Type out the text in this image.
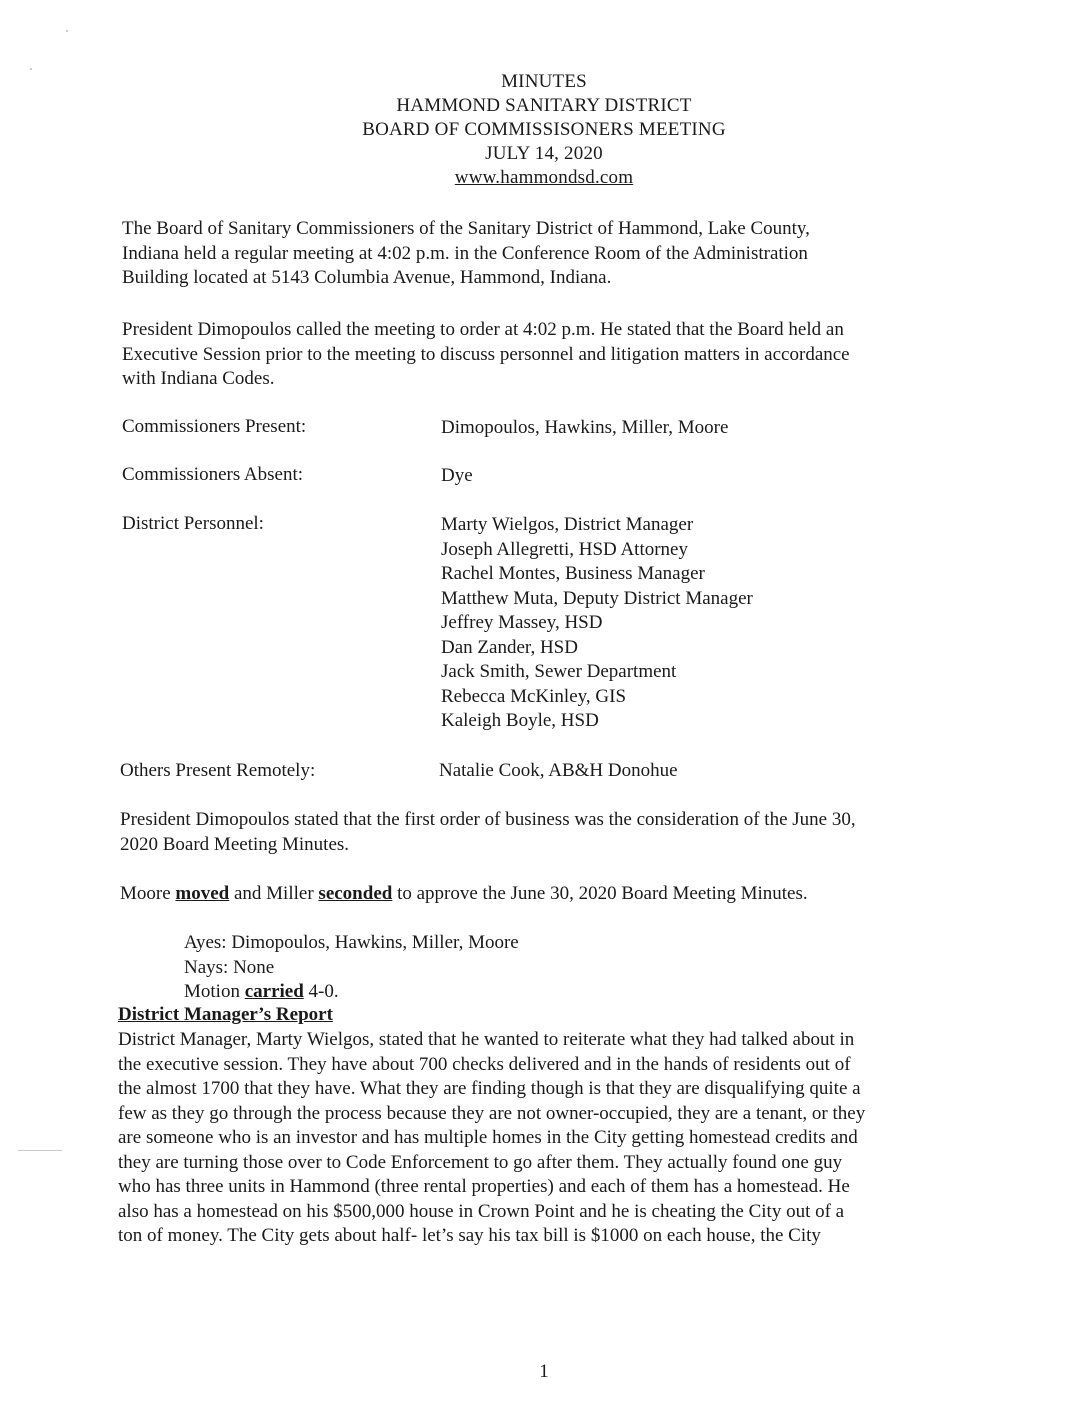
MINUTES
HAMMOND SANITARY DISTRICT
BOARD OF COMMISSISONERS MEETING
JULY 14, 2020
www.hammondsd.com
The Board of Sanitary Commissioners of the Sanitary District of Hammond, Lake County,
Indiana held a regular meeting at 4:02 p.m. in the Conference Room of the Administration
Building located at 5143 Columbia Avenue, Hammond, Indiana.
President Dimopoulos called the meeting to order at 4:02 p.m. He stated that the Board held an
Executive Session prior to the meeting to discuss personnel and litigation matters in accordance
with Indiana Codes.
Commissioners Present:	Dimopoulos, Hawkins, Miller, Moore
Commissioners Absent:	Dye
District Personnel:	Marty Wielgos, District Manager
Joseph Allegretti, HSD Attorney
Rachel Montes, Business Manager
Matthew Muta, Deputy District Manager
Jeffrey Massey, HSD
Dan Zander, HSD
Jack Smith, Sewer Department
Rebecca McKinley, GIS
Kaleigh Boyle, HSD
Others Present Remotely:	Natalie Cook, AB&H Donohue
President Dimopoulos stated that the first order of business was the consideration of the June 30,
2020 Board Meeting Minutes.
Moore moved and Miller seconded to approve the June 30, 2020 Board Meeting Minutes.
Ayes: Dimopoulos, Hawkins, Miller, Moore
Nays: None
Motion carried 4-0.
District Manager’s Report
District Manager, Marty Wielgos, stated that he wanted to reiterate what they had talked about in
the executive session. They have about 700 checks delivered and in the hands of residents out of
the almost 1700 that they have. What they are finding though is that they are disqualifying quite a
few as they go through the process because they are not owner-occupied, they are a tenant, or they
are someone who is an investor and has multiple homes in the City getting homestead credits and
they are turning those over to Code Enforcement to go after them. They actually found one guy
who has three units in Hammond (three rental properties) and each of them has a homestead. He
also has a homestead on his $500,000 house in Crown Point and he is cheating the City out of a
ton of money. The City gets about half- let’s say his tax bill is $1000 on each house, the City
1
